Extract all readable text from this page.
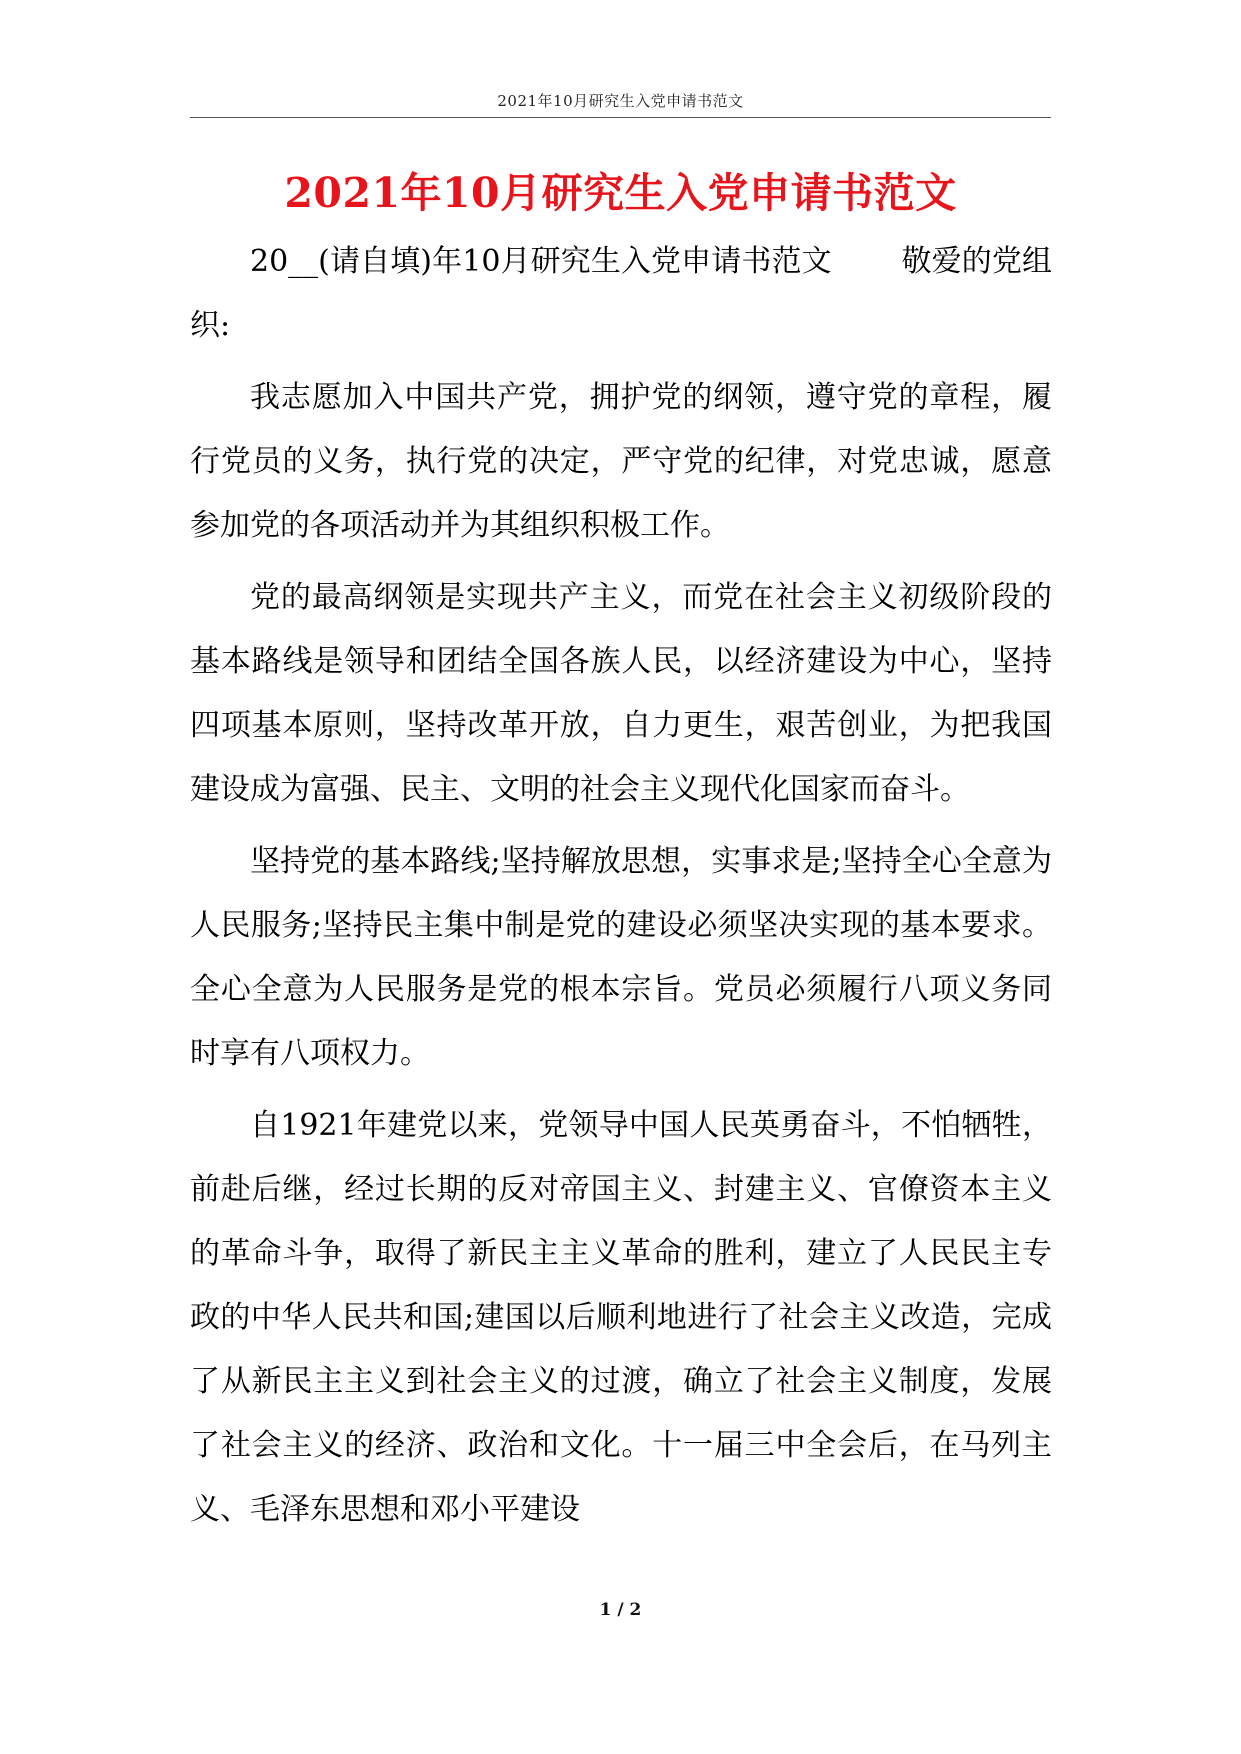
2021年10月研究生入党申请书范文
2021年10月研究生入党申请书范文

20__(请自填)年10月研究生入党申请书范文 　　敬爱的党组织:

我志愿加入中国共产党，拥护党的纲领，遵守党的章程，履行党员的义务，执行党的决定，严守党的纪律，对党忠诚，愿意参加党的各项活动并为其组织积极工作。

党的最高纲领是实现共产主义，而党在社会主义初级阶段的基本路线是领导和团结全国各族人民，以经济建设为中心，坚持四项基本原则，坚持改革开放，自力更生，艰苦创业，为把我国建设成为富强、民主、文明的社会主义现代化国家而奋斗。

坚持党的基本路线;坚持解放思想，实事求是;坚持全心全意为人民服务;坚持民主集中制是党的建设必须坚决实现的基本要求。全心全意为人民服务是党的根本宗旨。党员必须履行八项义务同时享有八项权力。

自1921年建党以来，党领导中国人民英勇奋斗，不怕牺牲，前赴后继，经过长期的反对帝国主义、封建主义、官僚资本主义的革命斗争，取得了新民主主义革命的胜利，建立了人民民主专政的中华人民共和国;建国以后顺利地进行了社会主义改造，完成了从新民主主义到社会主义的过渡，确立了社会主义制度，发展了社会主义的经济、政治和文化。十一届三中全会后，在马列主义、毛泽东思想和邓小平建设

1 / 2
